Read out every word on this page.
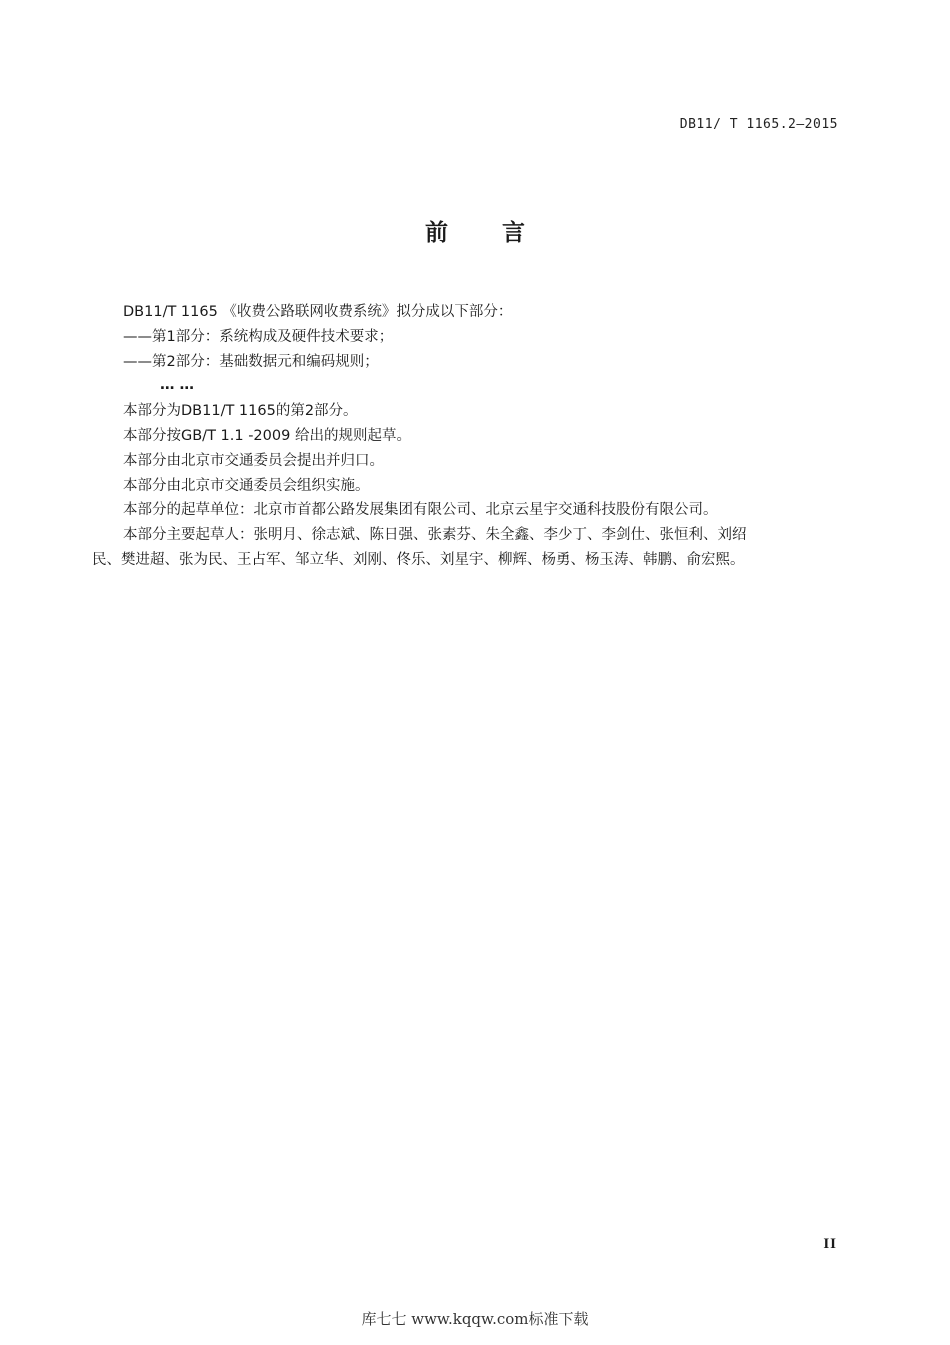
DB11/ T 1165.2—2015
前 言
DB11/T 1165 《收费公路联网收费系统》拟分成以下部分：
——第1部分：系统构成及硬件技术要求；
——第2部分：基础数据元和编码规则；
… …
本部分为DB11/T 1165的第2部分。
本部分按GB/T 1.1 -2009 给出的规则起草。
本部分由北京市交通委员会提出并归口。
本部分由北京市交通委员会组织实施。
本部分的起草单位：北京市首都公路发展集团有限公司、北京云星宇交通科技股份有限公司。
本部分主要起草人：张明月、徐志斌、陈日强、张素芬、朱全鑫、李少丁、李剑仕、张恒利、刘绍
民、樊进超、张为民、王占军、邹立华、刘刚、佟乐、刘星宇、柳辉、杨勇、杨玉涛、韩鹏、俞宏熙。
II
库七七 www.kqqw.com标准下载
